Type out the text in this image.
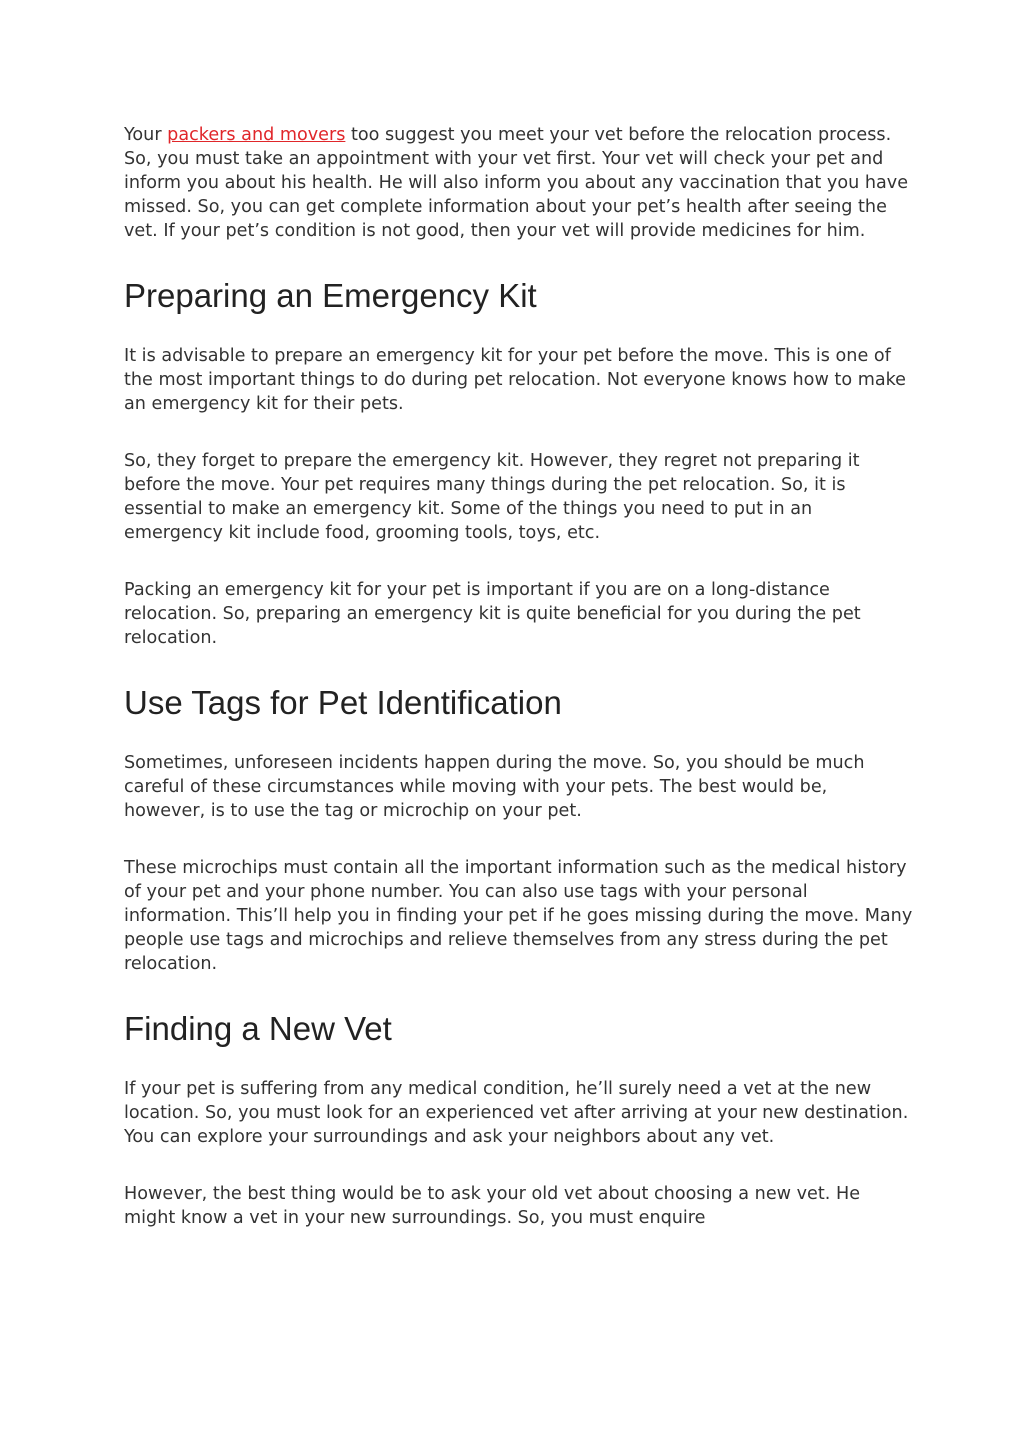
Your packers and movers too suggest you meet your vet before the relocation process. So, you must take an appointment with your vet first. Your vet will check your pet and inform you about his health. He will also inform you about any vaccination that you have missed. So, you can get complete information about your pet’s health after seeing the vet. If your pet’s condition is not good, then your vet will provide medicines for him.

Preparing an Emergency Kit

It is advisable to prepare an emergency kit for your pet before the move. This is one of the most important things to do during pet relocation. Not everyone knows how to make an emergency kit for their pets.

So, they forget to prepare the emergency kit. However, they regret not preparing it before the move. Your pet requires many things during the pet relocation. So, it is essential to make an emergency kit. Some of the things you need to put in an emergency kit include food, grooming tools, toys, etc.

Packing an emergency kit for your pet is important if you are on a long-distance relocation. So, preparing an emergency kit is quite beneficial for you during the pet relocation.

Use Tags for Pet Identification

Sometimes, unforeseen incidents happen during the move. So, you should be much careful of these circumstances while moving with your pets. The best would be, however, is to use the tag or microchip on your pet.

These microchips must contain all the important information such as the medical history of your pet and your phone number. You can also use tags with your personal information. This’ll help you in finding your pet if he goes missing during the move. Many people use tags and microchips and relieve themselves from any stress during the pet relocation.

Finding a New Vet

If your pet is suffering from any medical condition, he’ll surely need a vet at the new location. So, you must look for an experienced vet after arriving at your new destination. You can explore your surroundings and ask your neighbors about any vet.

However, the best thing would be to ask your old vet about choosing a new vet. He might know a vet in your new surroundings. So, you must enquire
